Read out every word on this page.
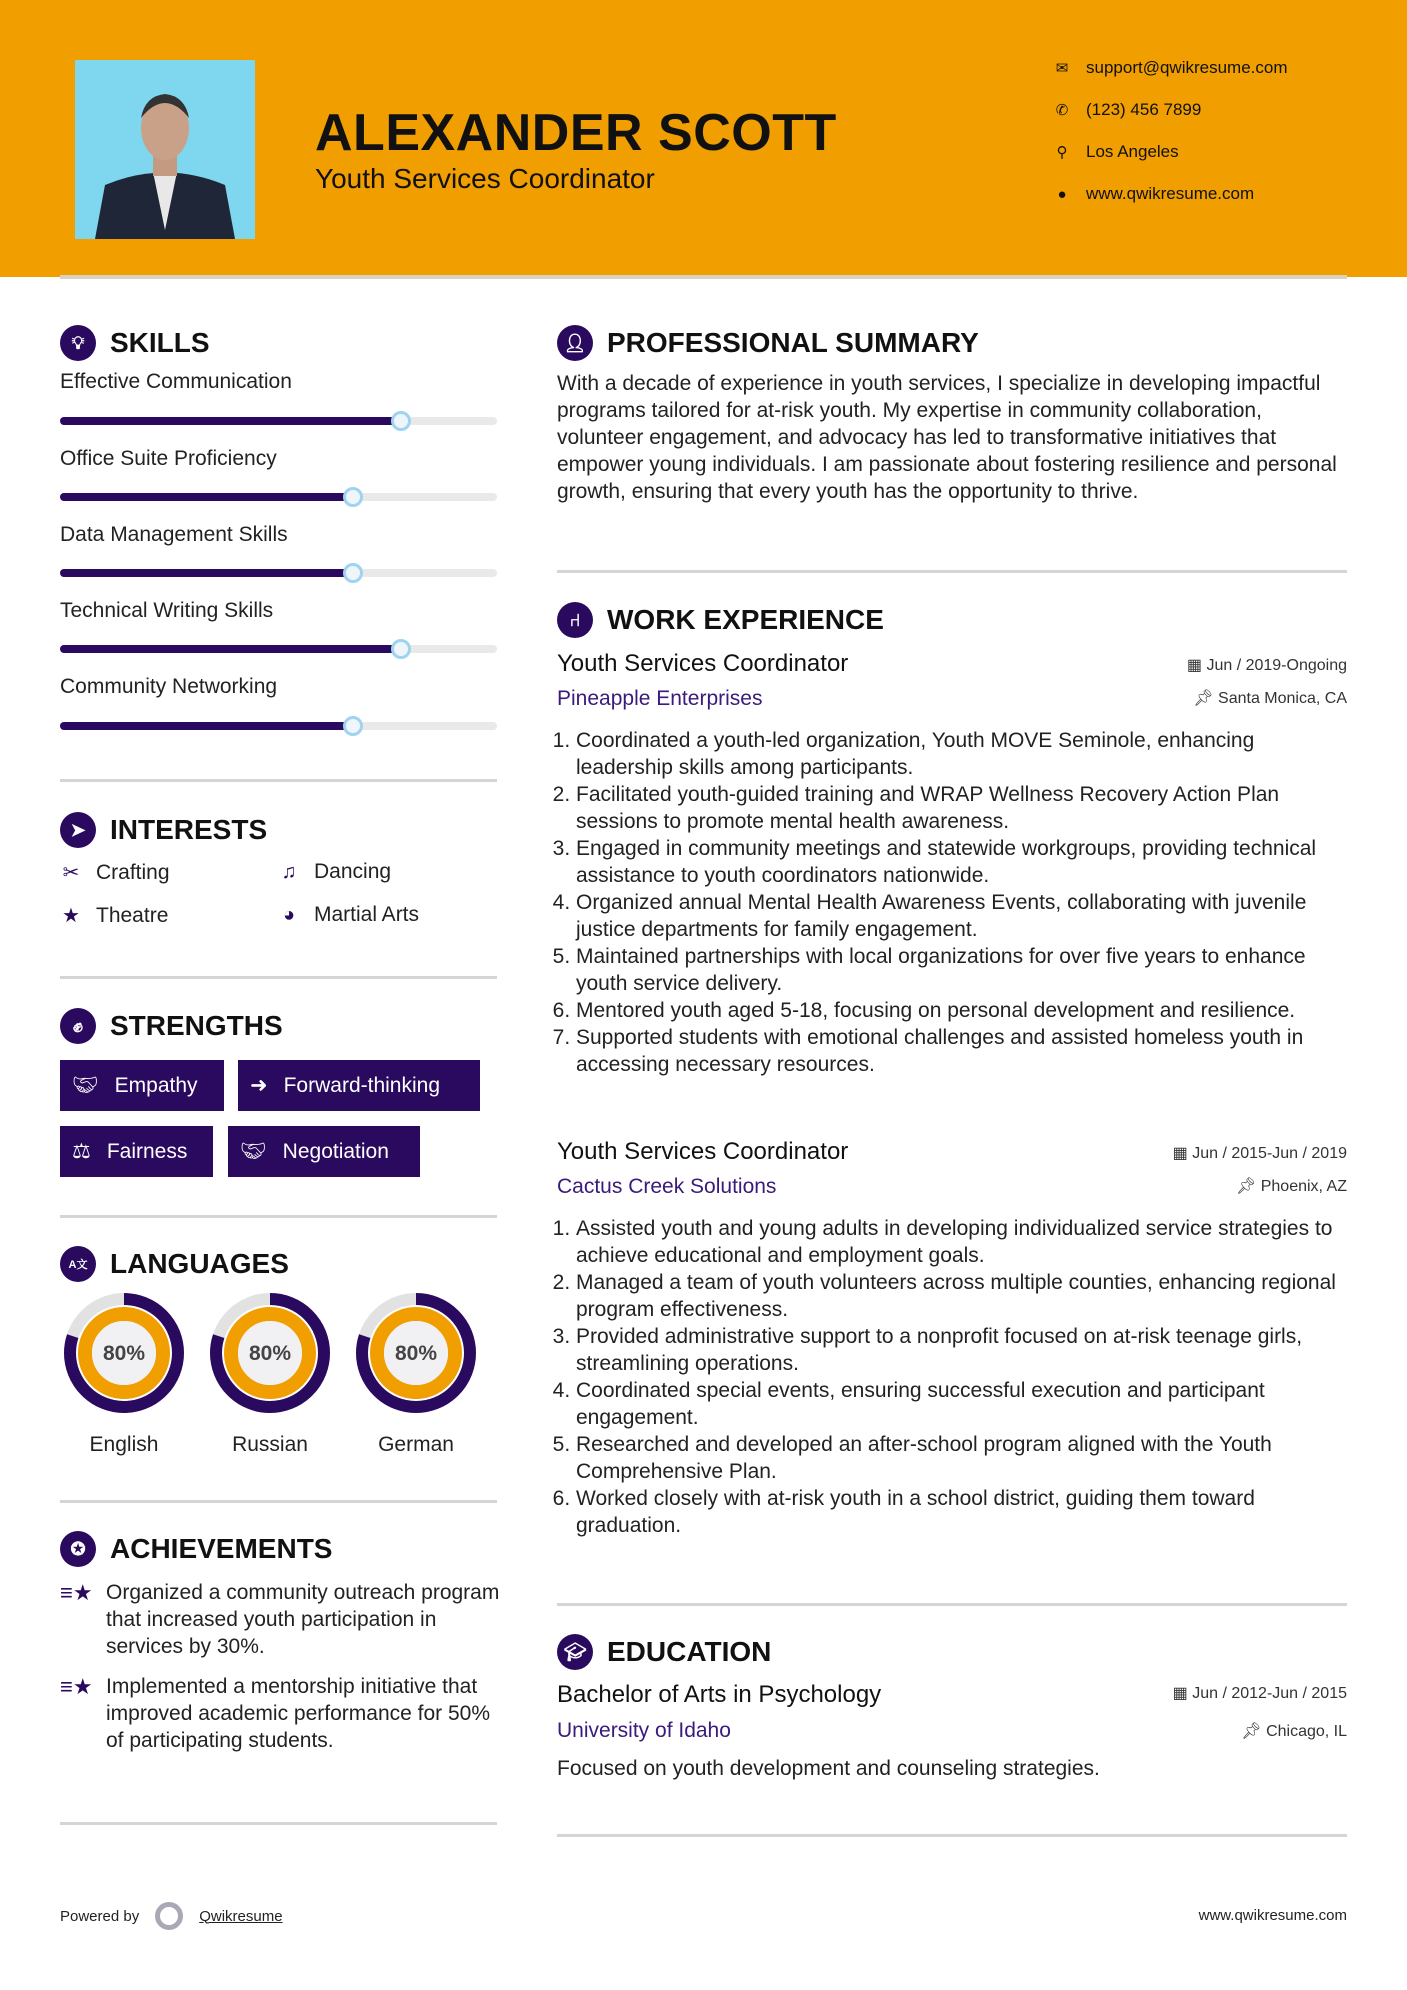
ALEXANDER SCOTT
Youth Services Coordinator
✉ support@qwikresume.com
✆ (123) 456 7899
⚲ Los Angeles
●	www.qwikresume.com
💡︎ SKILLS
Effective Communication
Office Suite Proficiency
Data Management Skills
Technical Writing Skills
Community Networking
➤ INTERESTS
✂ Crafting	♫ Dancing
★ Theatre	◕ Martial Arts
✊︎ STRENGTHS
🤝︎ Empathy ➜ Forward-thinking
⚖ Fairness	🤝︎ Negotiation
A文 LANGUAGES
80%
English
80%
Russian
80%
German
✪ ACHIEVEMENTS
≡★ Organized a community outreach program that increased youth participation in services by 30%.
≡★ Implemented a mentorship initiative that improved academic performance for 50% of participating students.
👤︎ PROFESSIONAL SUMMARY
With a decade of experience in youth services, I specialize in developing impactful programs tailored for at-risk youth. My expertise in community collaboration, volunteer engagement, and advocacy has led to transformative initiatives that empower young individuals. I am passionate about fostering resilience and personal growth, ensuring that every youth has the opportunity to thrive.
⑁ WORK EXPERIENCE
Youth Services Coordinator	▦ Jun / 2019-Ongoing
Pineapple Enterprises	📌︎ Santa Monica, CA
1. Coordinated a youth-led organization, Youth MOVE Seminole, enhancing leadership skills among participants.
2. Facilitated youth-guided training and WRAP Wellness Recovery Action Plan sessions to promote mental health awareness.
3. Engaged in community meetings and statewide workgroups, providing technical assistance to youth coordinators nationwide.
4. Organized annual Mental Health Awareness Events, collaborating with juvenile justice departments for family engagement.
5. Maintained partnerships with local organizations for over five years to enhance youth service delivery.
6. Mentored youth aged 5-18, focusing on personal development and resilience.
7. Supported students with emotional challenges and assisted homeless youth in accessing necessary resources.
Youth Services Coordinator	▦ Jun / 2015-Jun / 2019
Cactus Creek Solutions	📌︎ Phoenix, AZ
1. Assisted youth and young adults in developing individualized service strategies to achieve educational and employment goals.
2. Managed a team of youth volunteers across multiple counties, enhancing regional program effectiveness.
3. Provided administrative support to a nonprofit focused on at-risk teenage girls, streamlining operations.
4. Coordinated special events, ensuring successful execution and participant engagement.
5. Researched and developed an after-school program aligned with the Youth Comprehensive Plan.
6. Worked closely with at-risk youth in a school district, guiding them toward graduation.
🎓︎ EDUCATION
Bachelor of Arts in Psychology	▦ Jun / 2012-Jun / 2015
University of Idaho	📌︎ Chicago, IL
Focused on youth development and counseling strategies.
Powered by	Qwikresume	www.qwikresume.com
